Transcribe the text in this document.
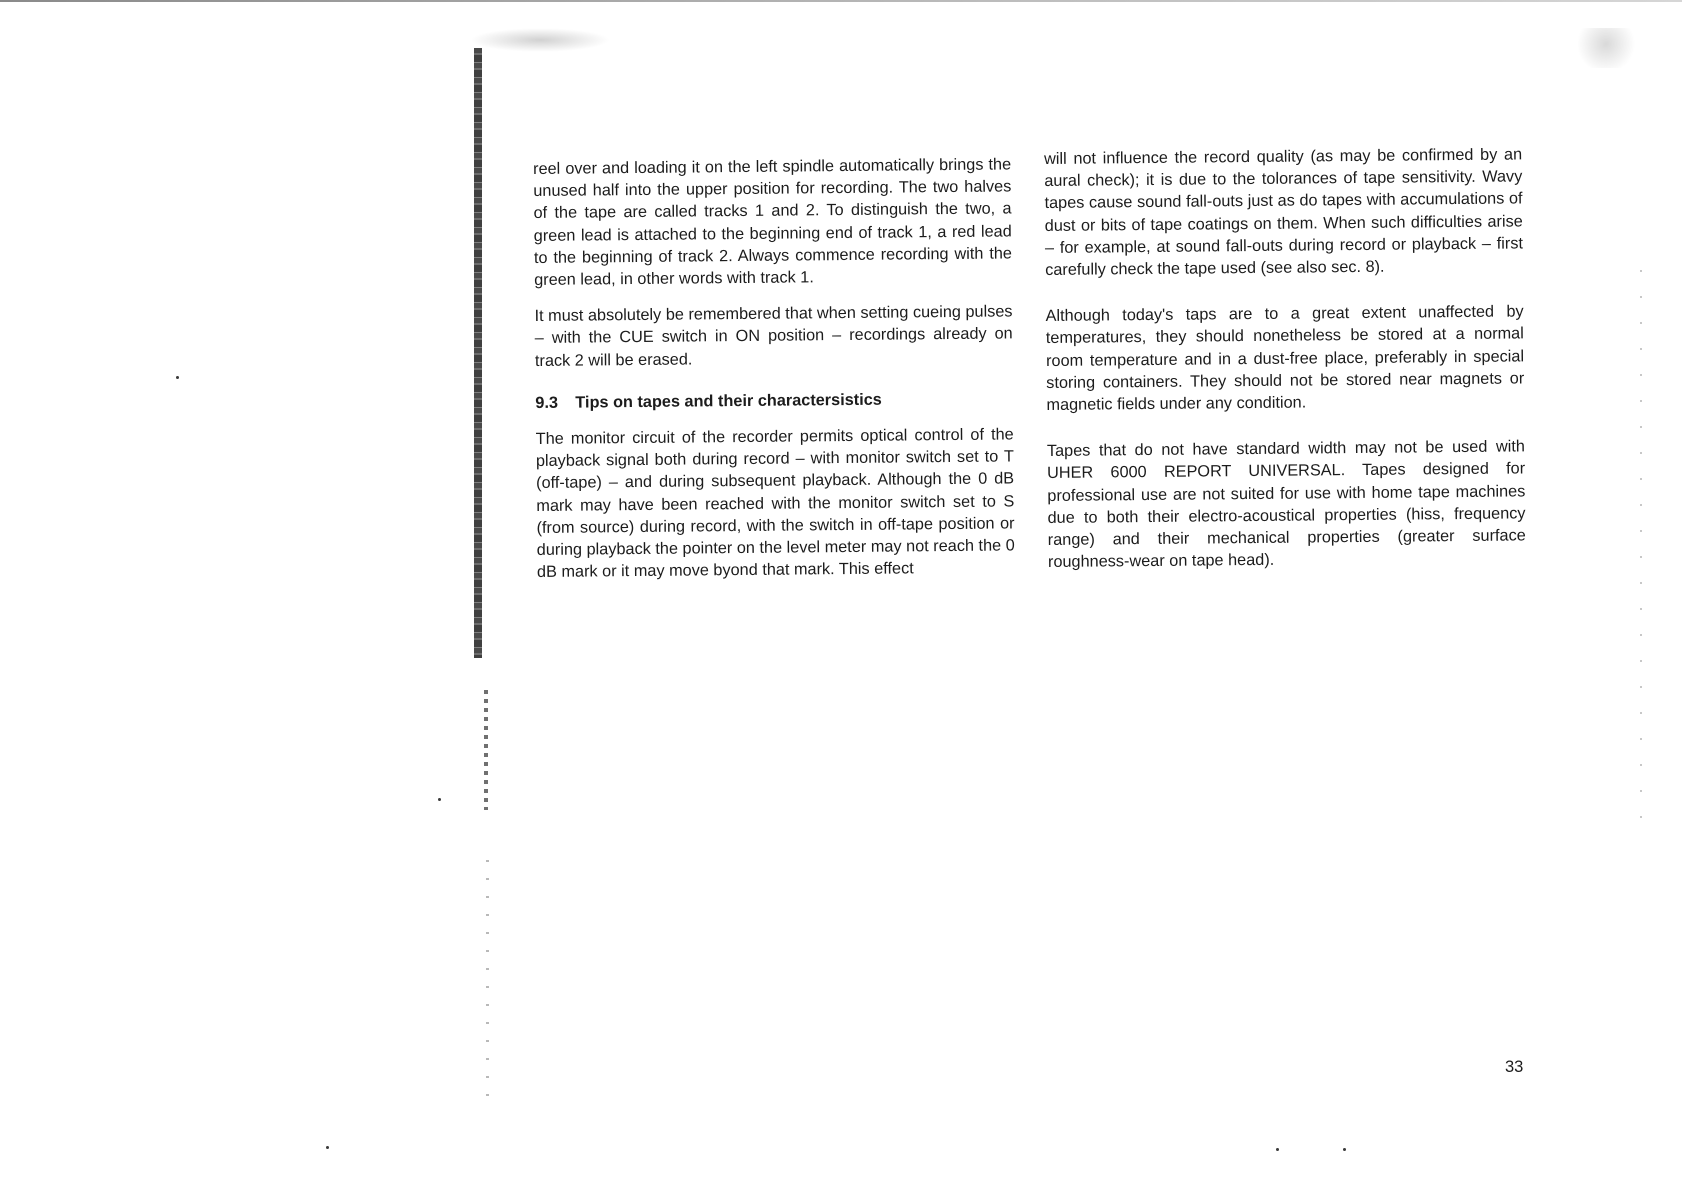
reel over and loading it on the left spindle automatically brings the unused half into the upper position for recording. The two halves of the tape are called tracks 1 and 2. To distinguish the two, a green lead is attached to the beginning end of track 1, a red lead to the beginning of track 2. Always commence recording with the green lead, in other words with track 1.

It must absolutely be remembered that when setting cueing pulses – with the CUE switch in ON position – recordings already on track 2 will be erased.

9.3 Tips on tapes and their charactersistics

The monitor circuit of the recorder permits optical control of the playback signal both during record – with monitor switch set to T (off-tape) – and during subsequent playback. Although the 0 dB mark may have been reached with the monitor switch set to S (from source) during record, with the switch in off-tape position or during playback the pointer on the level meter may not reach the 0 dB mark or it may move byond that mark. This effect

will not influence the record quality (as may be confirmed by an aural check); it is due to the tolorances of tape sensitivity. Wavy tapes cause sound fall-outs just as do tapes with accumulations of dust or bits of tape coatings on them. When such difficulties arise – for example, at sound fall-outs during record or playback – first carefully check the tape used (see also sec. 8).

Although today's taps are to a great extent unaffected by temperatures, they should nonetheless be stored at a normal room temperature and in a dust-free place, preferably in special storing containers. They should not be stored near magnets or magnetic fields under any condition.

Tapes that do not have standard width may not be used with UHER 6000 REPORT UNIVERSAL. Tapes designed for professional use are not suited for use with home tape machines due to both their electro-acoustical properties (hiss, frequency range) and their mechanical properties (greater surface roughness-wear on tape head).

33
